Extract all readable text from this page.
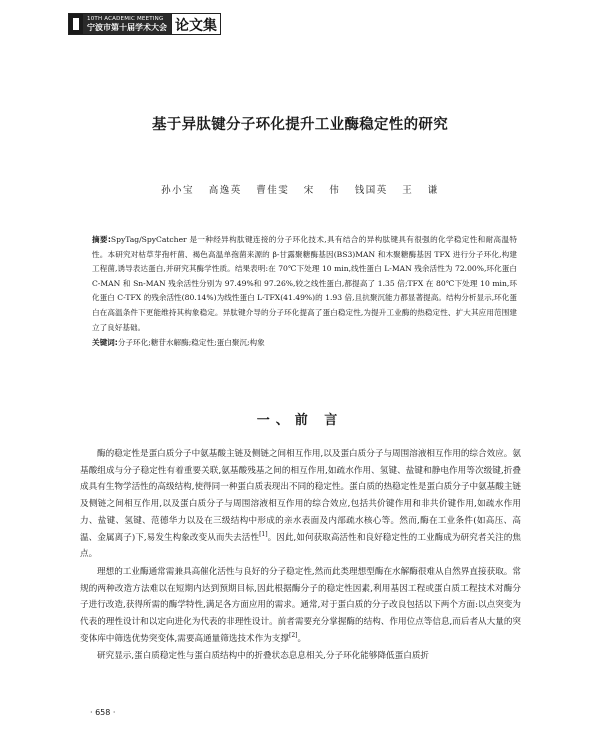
10TH ACADEMIC MEETING
宁波市第十届学术大会 论文集
基于异肽键分子环化提升工业酶稳定性的研究
孙小宝 高逸英 曹佳雯 宋 伟 钱国英 王 谦

摘要:SpyTag/SpyCatcher 是一种经异构肽键连接的分子环化技术,具有结合的异构肽键具有很强的化学稳定性和耐高温特性。本研究对枯草芽孢杆菌、褐色高温单孢菌来源的 β-甘露聚糖酶基因(BS3)MAN 和木聚糖酶基因 TFX 进行分子环化,构建工程菌,诱导表达蛋白,并研究其酶学性质。结果表明:在 70℃下处理 10 min,线性蛋白 L-MAN 残余活性为 72.00%,环化蛋白 C-MAN 和 Sn-MAN 残余活性分别为 97.49%和 97.26%,较之线性蛋白,都提高了 1.35 倍;TFX 在 80℃下处理 10 min,环化蛋白 C-TFX 的残余活性(80.14%)为线性蛋白 L-TFX(41.49%)的 1.93 倍,且抗聚沉能力都显著提高。结构分析显示,环化蛋白在高温条件下更能维持其构象稳定。异肽键介导的分子环化提高了蛋白稳定性,为提升工业酶的热稳定性、扩大其应用范围建立了良好基础。

关键词:分子环化;糖苷水解酶;稳定性;蛋白聚沉;构象

一、前 言

酶的稳定性是蛋白质分子中氨基酸主链及侧链之间相互作用,以及蛋白质分子与周围溶液相互作用的综合效应。氨基酸组成与分子稳定性有着重要关联,氨基酸残基之间的相互作用,如疏水作用、氢键、盐键和静电作用等次级键,折叠成具有生物学活性的高级结构,使得同一种蛋白质表现出不同的稳定性。蛋白质的热稳定性是蛋白质分子中氨基酸主链及侧链之间相互作用,以及蛋白质分子与周围溶液相互作用的综合效应,包括共价键作用和非共价键作用,如疏水作用力、盐键、氢键、范德华力以及在三级结构中形成的亲水表面及内部疏水核心等。然而,酶在工业条件(如高压、高温、金属离子)下,易发生构象改变从而失去活性[1]。因此,如何获取高活性和良好稳定性的工业酶成为研究者关注的焦点。

理想的工业酶通常需兼具高催化活性与良好的分子稳定性,然而此类理想型酶在水解酶很难从自然界直接获取。常规的两种改造方法难以在短期内达到预期目标,因此根据酶分子的稳定性因素,利用基因工程或蛋白质工程技术对酶分子进行改造,获得所需的酶学特性,满足各方面应用的需求。通常,对于蛋白质的分子改良包括以下两个方面:以点突变为代表的理性设计和以定向进化为代表的非理性设计。前者需要充分掌握酶的结构、作用位点等信息,而后者从大量的突变体库中筛选优势突变体,需要高通量筛选技术作为支撑[2]。

研究显示,蛋白质稳定性与蛋白质结构中的折叠状态息息相关,分子环化能够降低蛋白质折

· 658 ·
